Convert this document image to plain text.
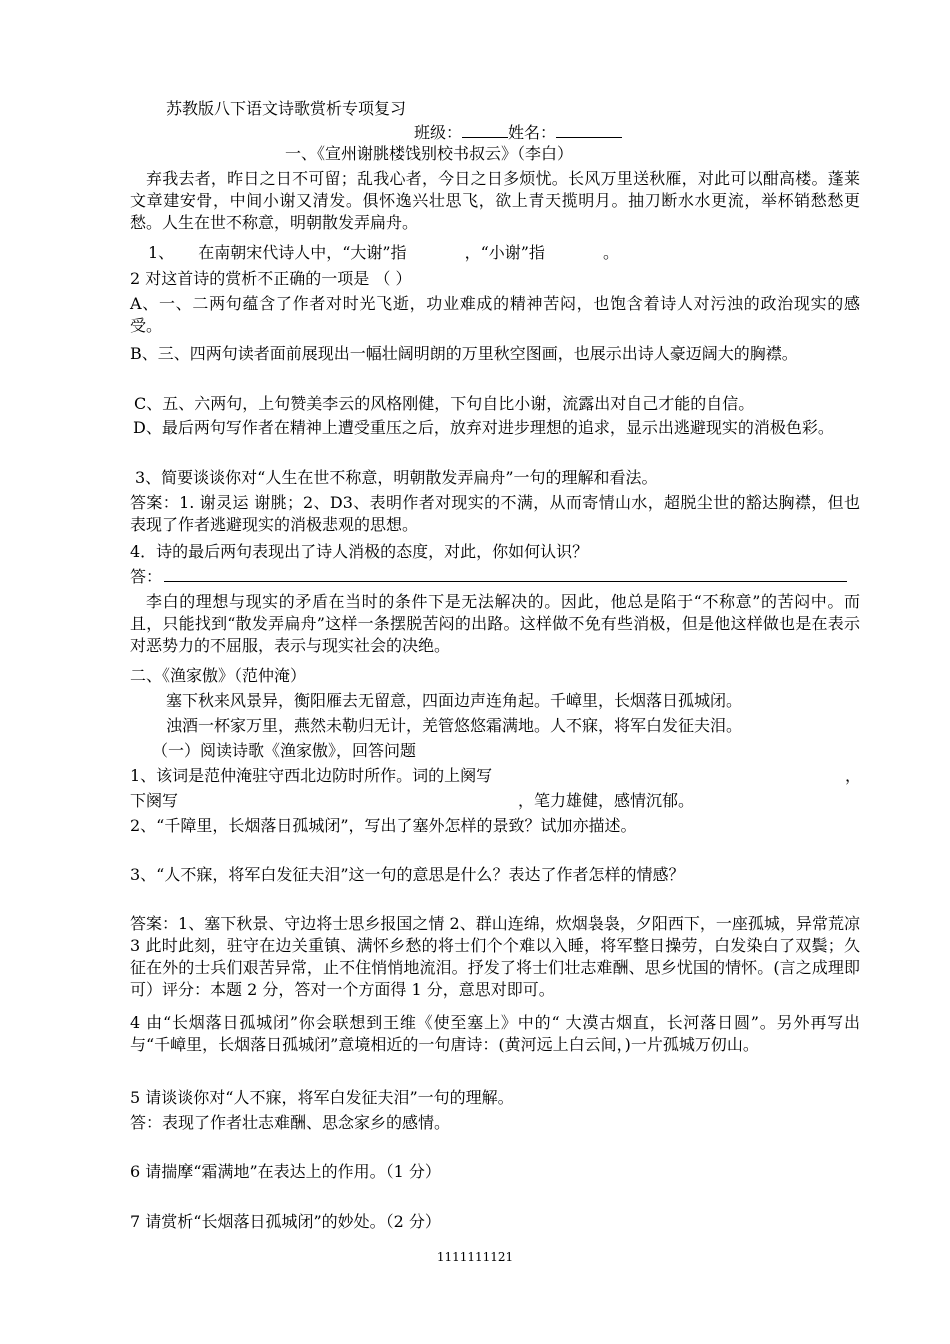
苏教版八下语文诗歌赏析专项复习
班级：	姓名：
一、《宣州谢朓楼饯别校书叔云》（李白）
弃我去者，昨日之日不可留；乱我心者，今日之日多烦忧。长风万里送秋雁，对此可以酣高楼。蓬莱文章建安骨，中间小谢又清发。俱怀逸兴壮思飞，欲上青天揽明月。抽刀断水水更流，举杯销愁愁更愁。人生在世不称意，明朝散发弄扁舟。
1、 在南朝宋代诗人中，“大谢”指	，“小谢”指	。
2 对这首诗的赏析不正确的一项是 （ ）
A、一、二两句蕴含了作者对时光飞逝，功业难成的精神苦闷，也饱含着诗人对污浊的政治现实的感受。
B、三、四两句读者面前展现出一幅壮阔明朗的万里秋空图画，也展示出诗人豪迈阔大的胸襟。
C、五、六两句，上句赞美李云的风格刚健，下句自比小谢，流露出对自己才能的自信。
D、最后两句写作者在精神上遭受重压之后，放弃对进步理想的追求，显示出逃避现实的消极色彩。
3、简要谈谈你对“人生在世不称意，明朝散发弄扁舟”一句的理解和看法。
答案：1. 谢灵运 谢朓；2、D3、表明作者对现实的不满，从而寄情山水，超脱尘世的豁达胸襟，但也表现了作者逃避现实的消极悲观的思想。
4．诗的最后两句表现出了诗人消极的态度，对此，你如何认识？
答：
李白的理想与现实的矛盾在当时的条件下是无法解决的。因此，他总是陷于“不称意”的苦闷中。而且，只能找到“散发弄扁舟”这样一条摆脱苦闷的出路。这样做不免有些消极，但是他这样做也是在表示对恶势力的不屈服，表示与现实社会的决绝。
二、《渔家傲》（范仲淹）
塞下秋来风景异，衡阳雁去无留意，四面边声连角起。千嶂里，长烟落日孤城闭。
浊酒一杯家万里，燕然未勒归无计，羌管悠悠霜满地。人不寐，将军白发征夫泪。
（一）阅读诗歌《渔家傲》，回答问题
1、该词是范仲淹驻守西北边防时所作。词的上阕写	，
下阕写	，笔力雄健，感情沉郁。
2、“千障里，长烟落日孤城闭”，写出了塞外怎样的景致？试加亦描述。
3、“人不寐，将军白发征夫泪”这一句的意思是什么？表达了作者怎样的情感？
答案：1、塞下秋景、守边将士思乡报国之情 2、群山连绵，炊烟袅袅，夕阳西下，一座孤城，异常荒凉 3 此时此刻，驻守在边关重镇、满怀乡愁的将士们个个难以入睡，将军整日操劳，白发染白了双鬓；久征在外的士兵们艰苦异常，止不住悄悄地流泪。抒发了将士们壮志难酬、思乡忧国的情怀。(言之成理即可）评分：本题 2 分，答对一个方面得 1 分，意思对即可。
4 由“长烟落日孤城闭”你会联想到王维《使至塞上》中的“ 大漠古烟直，长河落日圆”。另外再写出与“千嶂里，长烟落日孤城闭”意境相近的一句唐诗：(黄河远上白云间，)一片孤城万仞山。
5 请谈谈你对“人不寐，将军白发征夫泪”一句的理解。
答：表现了作者壮志难酬、思念家乡的感情。
6 请揣摩“霜满地”在表达上的作用。（1 分）
7 请赏析“长烟落日孤城闭”的妙处。（2 分）
1111111121
